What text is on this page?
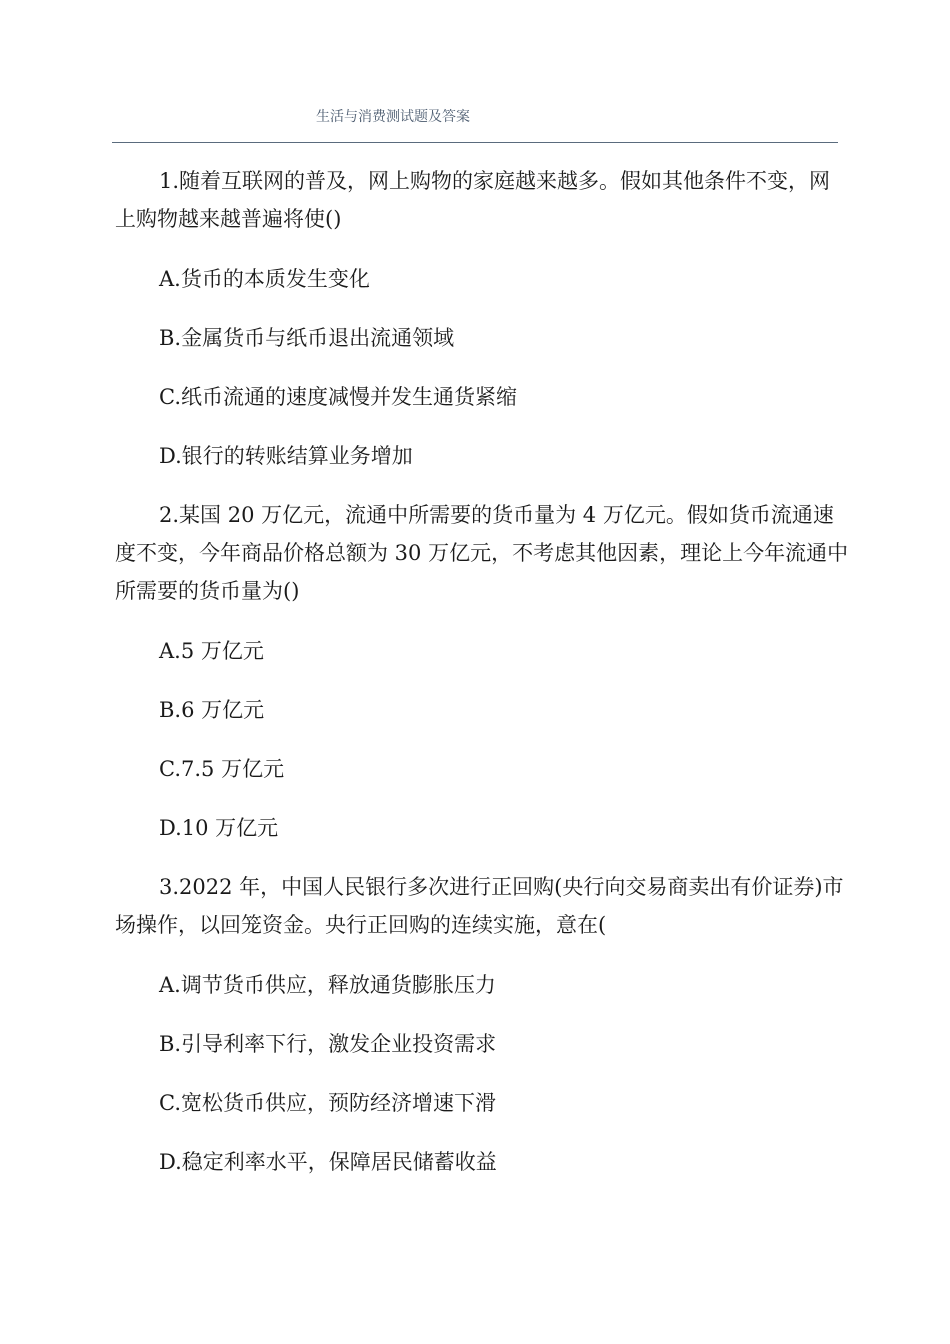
生活与消费测试题及答案

1.随着互联网的普及，网上购物的家庭越来越多。假如其他条件不变，网上购物越来越普遍将使()

A.货币的本质发生变化
B.金属货币与纸币退出流通领域
C.纸币流通的速度减慢并发生通货紧缩
D.银行的转账结算业务增加

2.某国 20 万亿元，流通中所需要的货币量为 4 万亿元。假如货币流通速度不变，今年商品价格总额为 30 万亿元，不考虑其他因素，理论上今年流通中所需要的货币量为()

A.5 万亿元
B.6 万亿元
C.7.5 万亿元
D.10 万亿元

3.2022 年，中国人民银行多次进行正回购(央行向交易商卖出有价证券)市场操作，以回笼资金。央行正回购的连续实施，意在(

A.调节货币供应，释放通货膨胀压力
B.引导利率下行，激发企业投资需求
C.宽松货币供应，预防经济增速下滑
D.稳定利率水平，保障居民储蓄收益
